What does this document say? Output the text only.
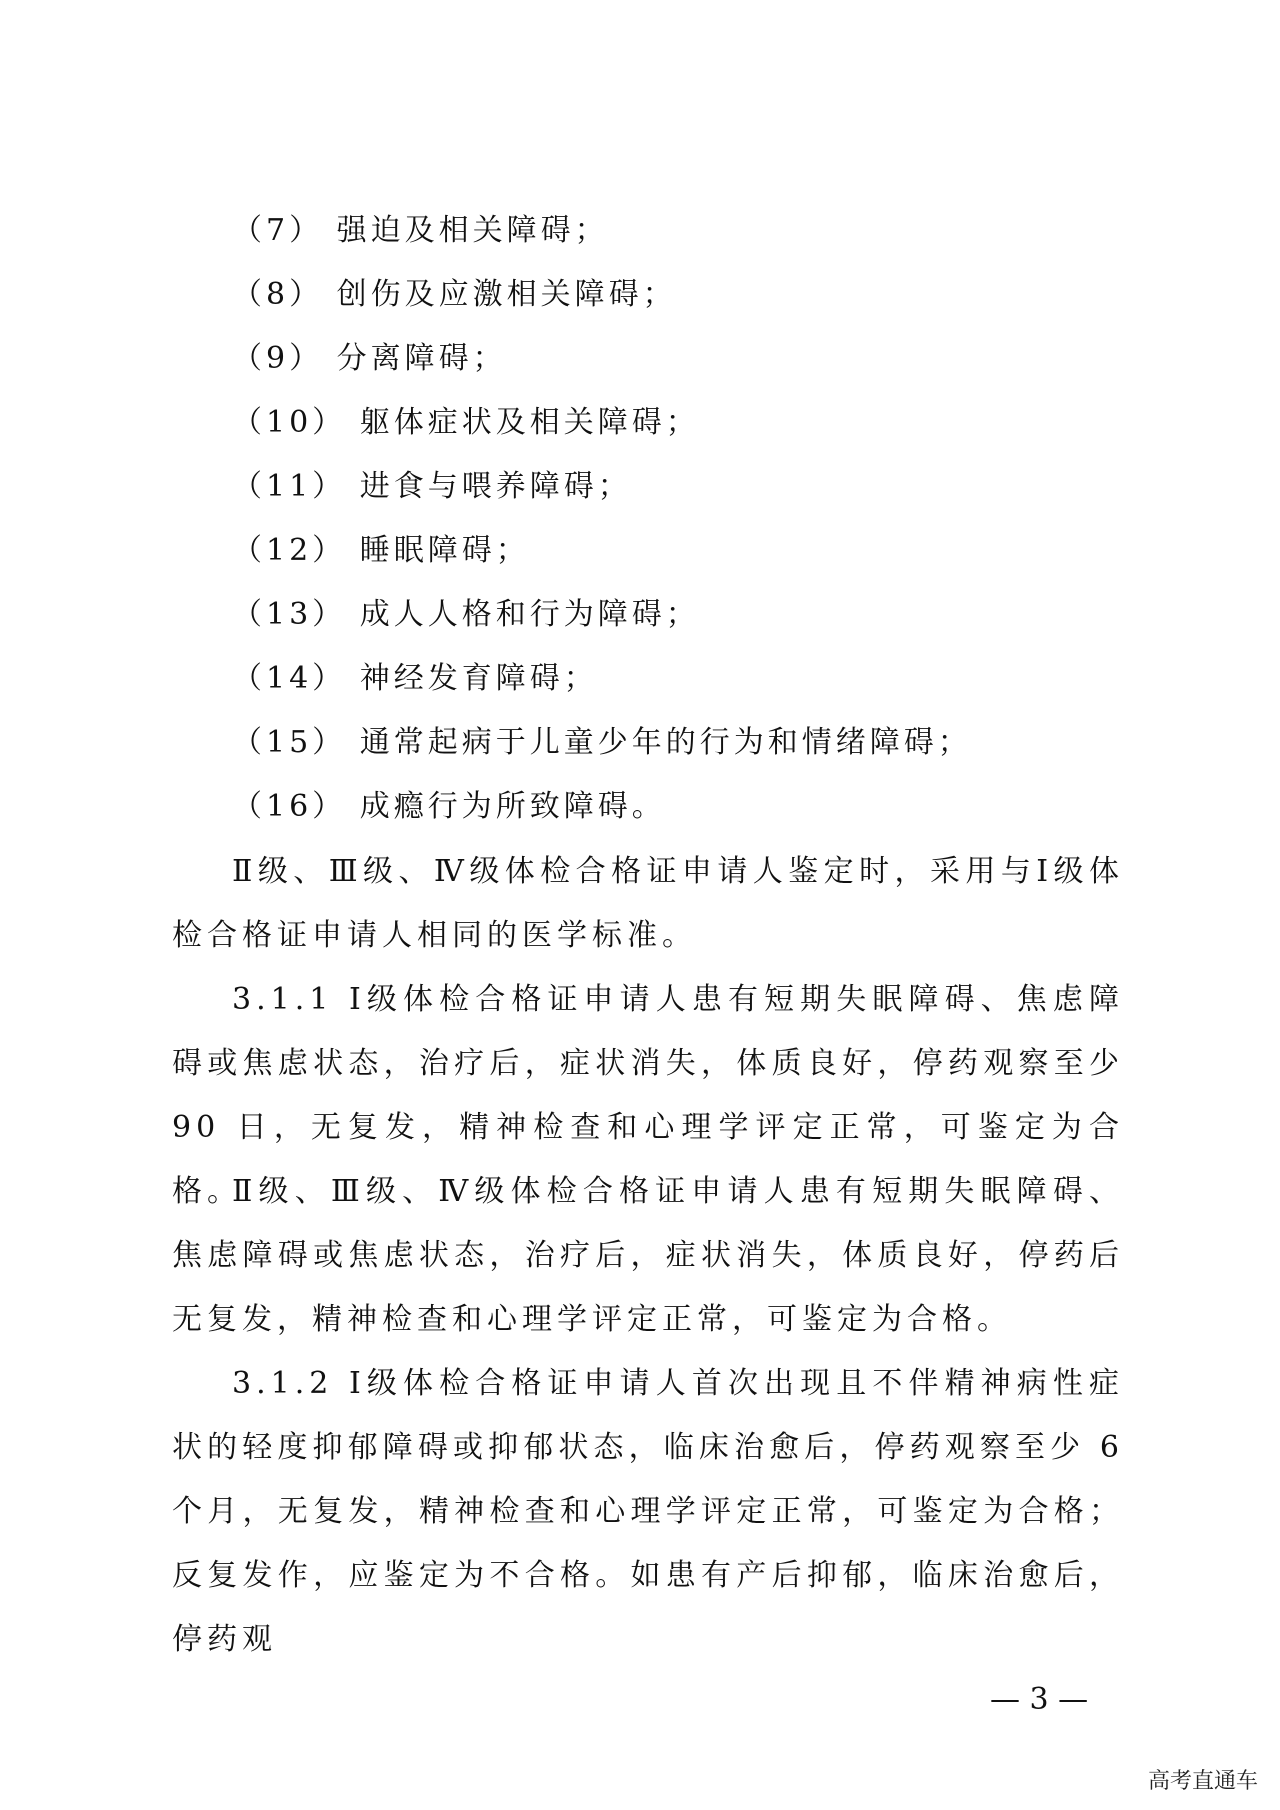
（7） 强迫及相关障碍；
（8） 创伤及应激相关障碍；
（9） 分离障碍；
（10） 躯体症状及相关障碍；
（11） 进食与喂养障碍；
（12） 睡眠障碍；
（13） 成人人格和行为障碍；
（14） 神经发育障碍；
（15） 通常起病于儿童少年的行为和情绪障碍；
（16） 成瘾行为所致障碍。

Ⅱ级、Ⅲ级、Ⅳ级体检合格证申请人鉴定时，采用与Ⅰ级体检合格证申请人相同的医学标准。

3.1.1 Ⅰ级体检合格证申请人患有短期失眠障碍、焦虑障碍或焦虑状态，治疗后，症状消失，体质良好，停药观察至少 90 日，无复发，精神检查和心理学评定正常，可鉴定为合格。

Ⅱ级、Ⅲ级、Ⅳ级体检合格证申请人患有短期失眠障碍、焦虑障碍或焦虑状态，治疗后，症状消失，体质良好，停药后无复发，精神检查和心理学评定正常，可鉴定为合格。

3.1.2 Ⅰ级体检合格证申请人首次出现且不伴精神病性症状的轻度抑郁障碍或抑郁状态，临床治愈后，停药观察至少 6 个月，无复发，精神检查和心理学评定正常，可鉴定为合格；反复发作，应鉴定为不合格。如患有产后抑郁，临床治愈后，停药观

— 3 —
高考直通车
